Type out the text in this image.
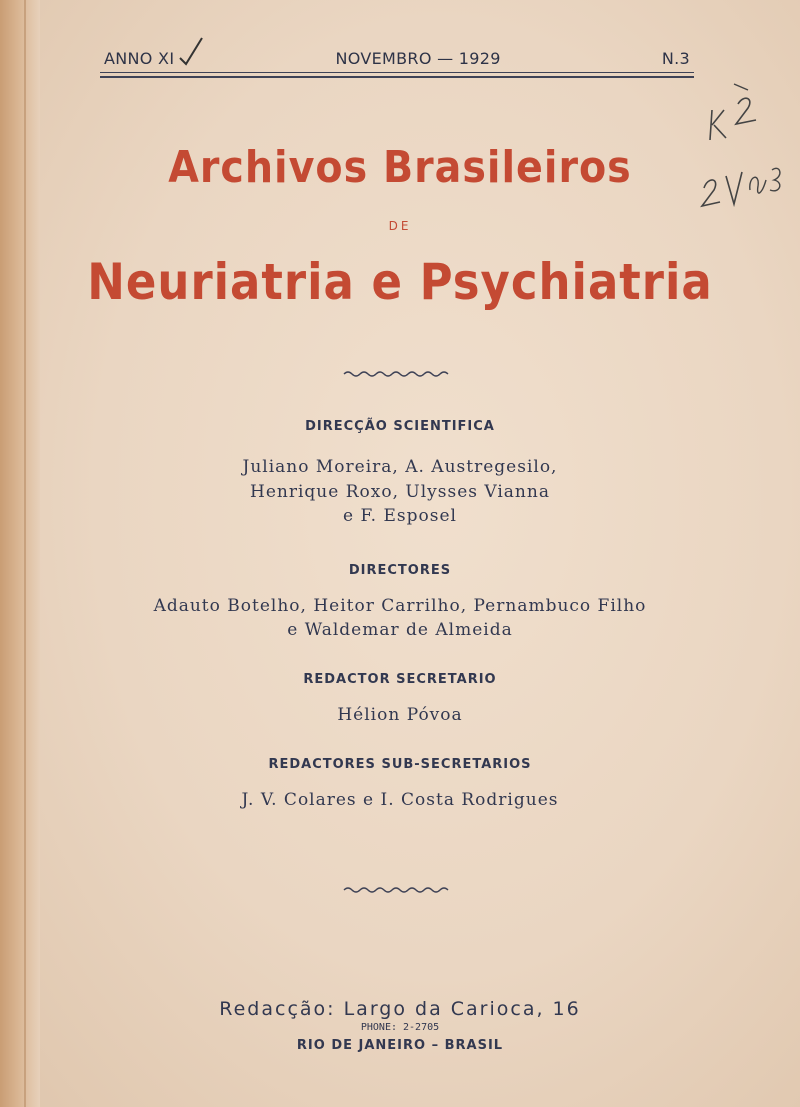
ANNO XI	NOVEMBRO — 1929	N.3
Archivos Brasileiros
DE
Neuriatria e Psychiatria
DIRECÇÃO SCIENTIFICA
Juliano Moreira, A. Austregesilo,
Henrique Roxo, Ulysses Vianna
e F. Esposel
DIRECTORES
Adauto Botelho, Heitor Carrilho, Pernambuco Filho
e Waldemar de Almeida
REDACTOR SECRETARIO
Hélion Póvoa
REDACTORES SUB-SECRETARIOS
J. V. Colares e I. Costa Rodrigues
Redacção: Largo da Carioca, 16
PHONE: 2-2705
RIO DE JANEIRO – BRASIL
